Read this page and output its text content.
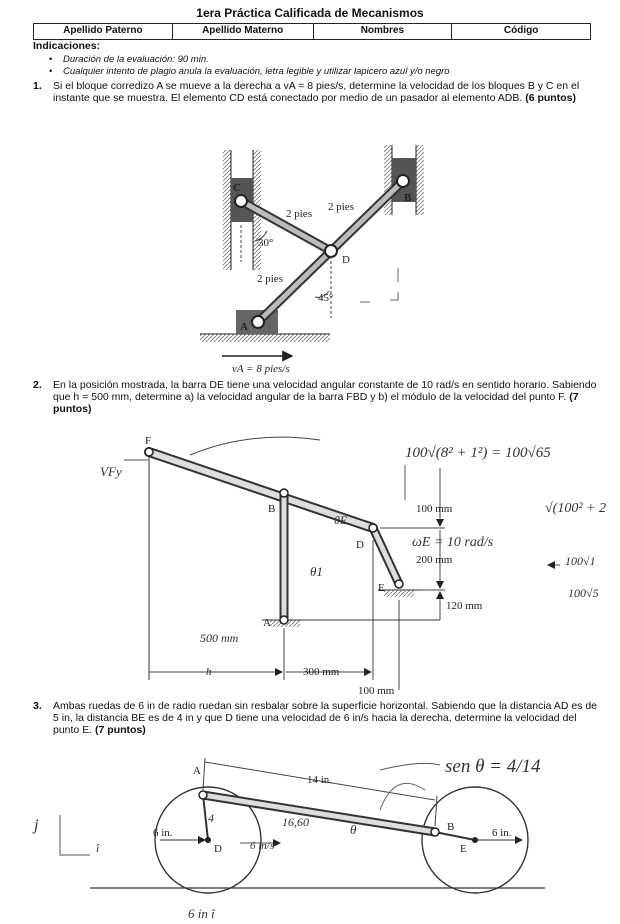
1era Práctica Calificada de Mecanismos
Apellido Paterno	Apellido Materno	Nombres	Código
Indicaciones:
• Duración de la evaluación: 90 min.
• Cualquier intento de plagio anula la evaluación, letra legible y utilizar lapicero azul y/o negro
1. Si el bloque corredizo A se mueve a la derecha a vA = 8 pies/s, determine la velocidad de los bloques B y C en el instante que se muestra. El elemento CD está conectado por medio de un pasador al elemento ADB. (6 puntos)
2. En la posición mostrada, la barra DE tiene una velocidad angular constante de 10 rad/s en sentido horario. Sabiendo que h = 500 mm, determine a) la velocidad angular de la barra FBD y b) el módulo de la velocidad del punto F. (7 puntos)
3. Ambas ruedas de 6 in de radio ruedan sin resbalar sobre la superficie horizontal. Sabiendo que la distancia AD es de 5 in, la distancia BE es de 4 in y que D tiene una velocidad de 6 in/s hacia la derecha, determine la velocidad del punto E. (7 puntos)
C
B
D
A
2 pies
2 pies
2 pies
30°
45°
vA = 8 pies/s
F
B
D
E
A
100 mm
200 mm
120 mm
h	300 mm
100 mm
100√(8² + 1²) = 100√65
√(100² + 2
ωE = 10 rad/s
100√1
100√5
500 mm
θE
θ1
VFy
A
B
D	E
14 in.
6 in.	6 in.
sen θ = 4/14
16,60	θ
6 in/s
4
j
î
6 in î
